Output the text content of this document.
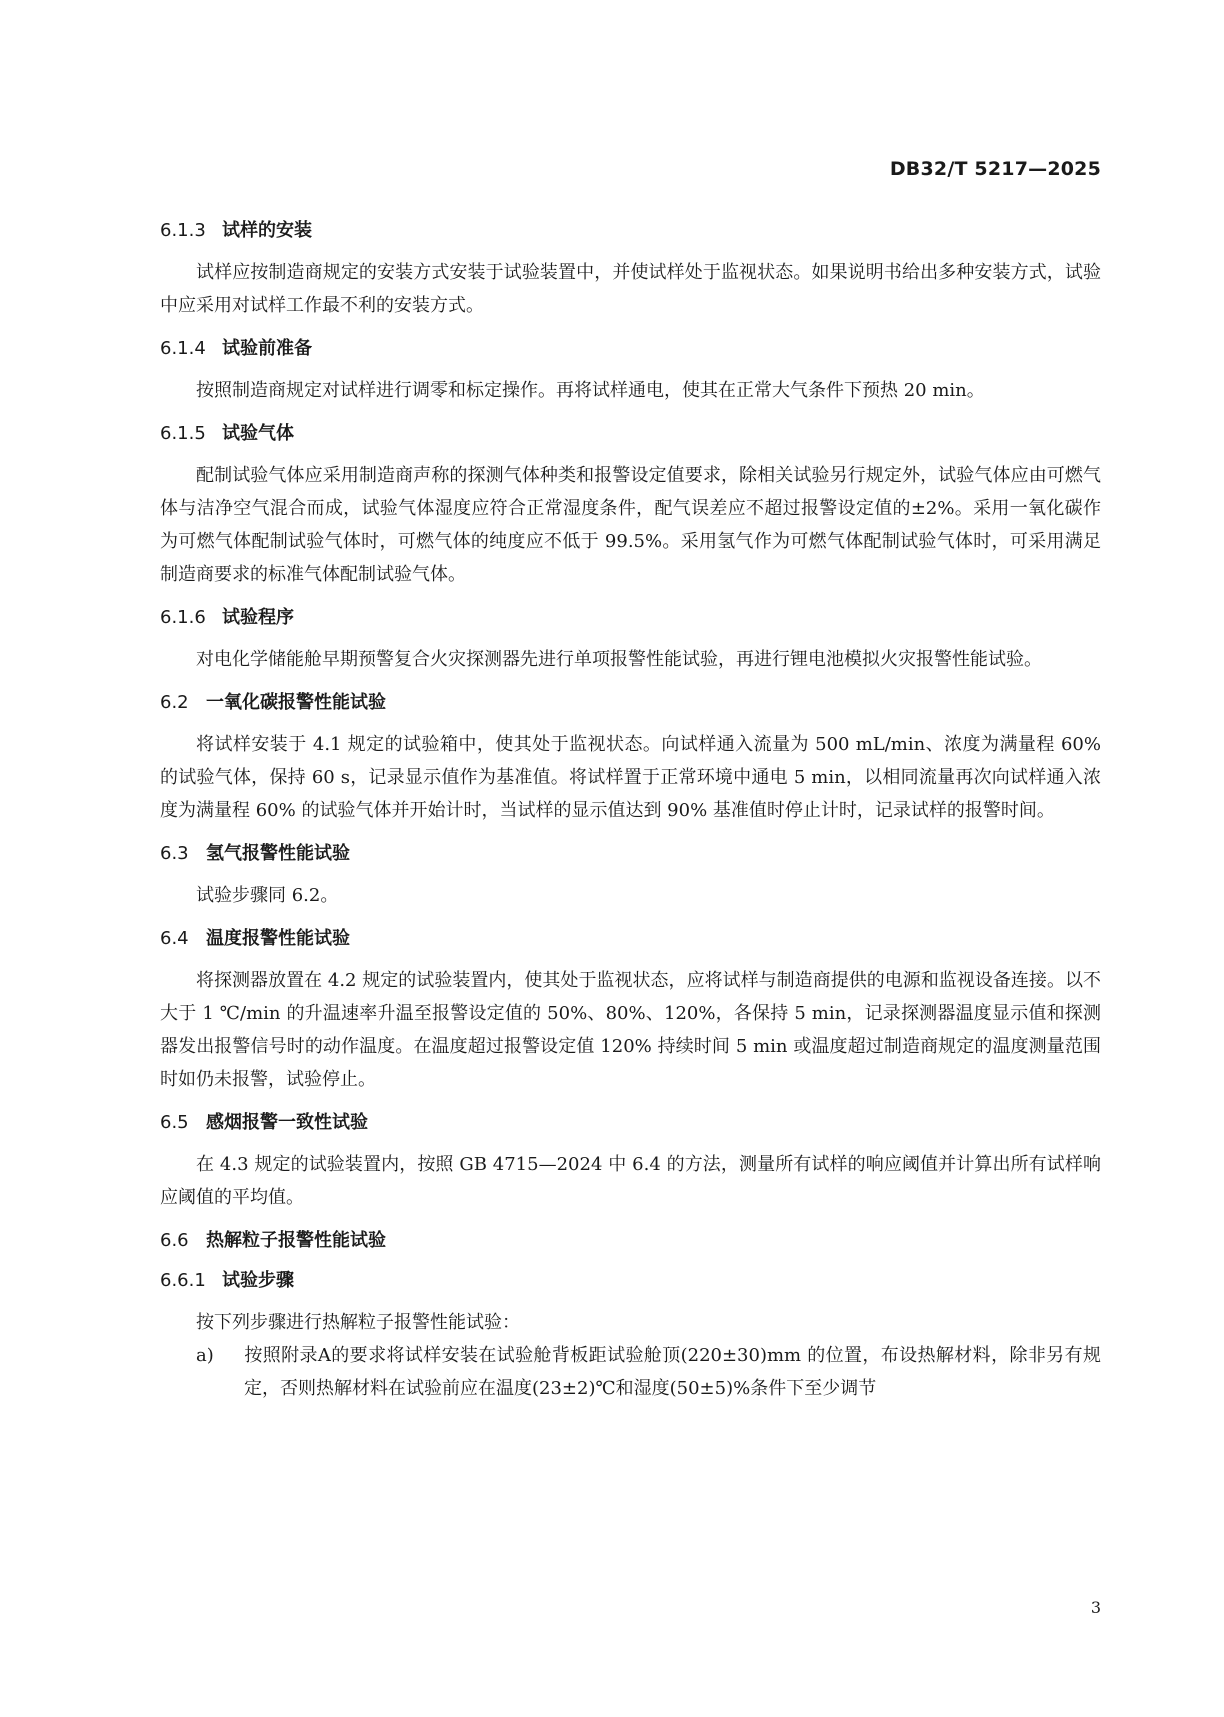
DB32/T 5217—2025
6.1.3 试样的安装
试样应按制造商规定的安装方式安装于试验装置中，并使试样处于监视状态。如果说明书给出多种安装方式，试验中应采用对试样工作最不利的安装方式。
6.1.4 试验前准备
按照制造商规定对试样进行调零和标定操作。再将试样通电，使其在正常大气条件下预热 20 min。
6.1.5 试验气体
配制试验气体应采用制造商声称的探测气体种类和报警设定值要求，除相关试验另行规定外，试验气体应由可燃气体与洁净空气混合而成，试验气体湿度应符合正常湿度条件，配气误差应不超过报警设定值的±2%。采用一氧化碳作为可燃气体配制试验气体时，可燃气体的纯度应不低于 99.5%。采用氢气作为可燃气体配制试验气体时，可采用满足制造商要求的标准气体配制试验气体。
6.1.6 试验程序
对电化学储能舱早期预警复合火灾探测器先进行单项报警性能试验，再进行锂电池模拟火灾报警性能试验。
6.2 一氧化碳报警性能试验
将试样安装于 4.1 规定的试验箱中，使其处于监视状态。向试样通入流量为 500 mL/min、浓度为满量程 60% 的试验气体，保持 60 s，记录显示值作为基准值。将试样置于正常环境中通电 5 min，以相同流量再次向试样通入浓度为满量程 60% 的试验气体并开始计时，当试样的显示值达到 90% 基准值时停止计时，记录试样的报警时间。
6.3 氢气报警性能试验
试验步骤同 6.2。
6.4 温度报警性能试验
将探测器放置在 4.2 规定的试验装置内，使其处于监视状态，应将试样与制造商提供的电源和监视设备连接。以不大于 1 ℃/min 的升温速率升温至报警设定值的 50%、80%、120%，各保持 5 min，记录探测器温度显示值和探测器发出报警信号时的动作温度。在温度超过报警设定值 120% 持续时间 5 min 或温度超过制造商规定的温度测量范围时如仍未报警，试验停止。
6.5 感烟报警一致性试验
在 4.3 规定的试验装置内，按照 GB 4715—2024 中 6.4 的方法，测量所有试样的响应阈值并计算出所有试样响应阈值的平均值。
6.6 热解粒子报警性能试验
6.6.1 试验步骤
按下列步骤进行热解粒子报警性能试验：
a) 按照附录A的要求将试样安装在试验舱背板距试验舱顶(220±30)mm 的位置，布设热解材料，除非另有规定，否则热解材料在试验前应在温度(23±2)℃和湿度(50±5)%条件下至少调节
3
